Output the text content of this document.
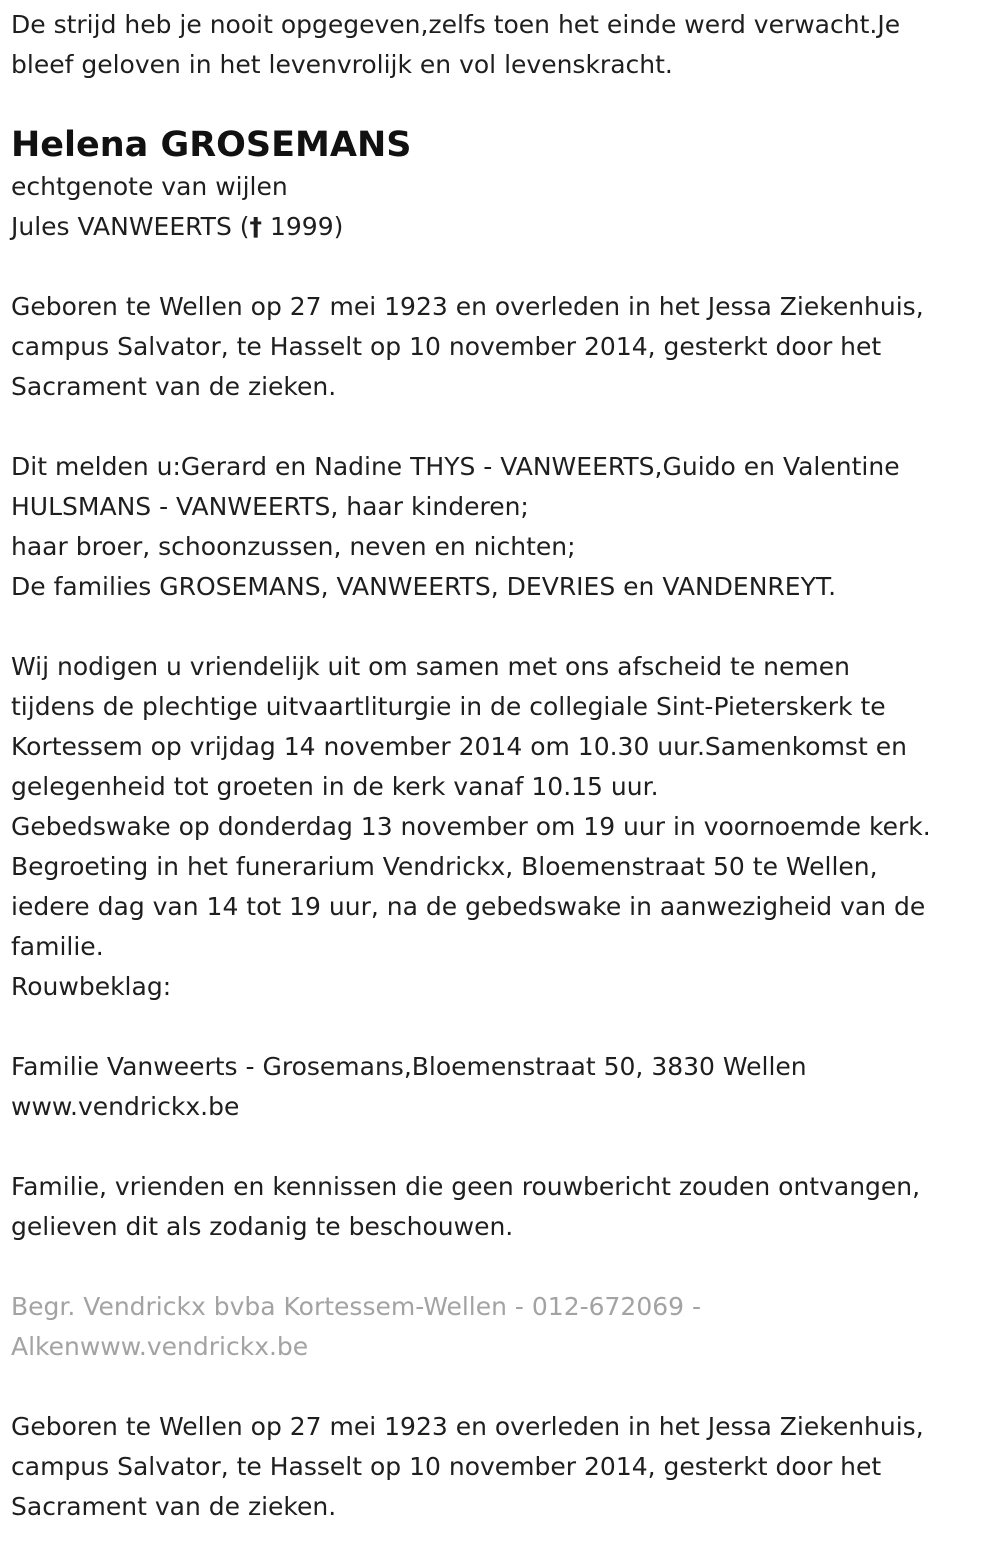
De strijd heb je nooit opgegeven,zelfs toen het einde werd verwacht.Je
bleef geloven in het levenvrolijk en vol levenskracht.

Helena GROSEMANS

echtgenote van wijlen
Jules VANWEERTS († 1999)

Geboren te Wellen op 27 mei 1923 en overleden in het Jessa Ziekenhuis,
campus Salvator, te Hasselt op 10 november 2014, gesterkt door het
Sacrament van de zieken.

Dit melden u:Gerard en Nadine THYS - VANWEERTS,Guido en Valentine
HULSMANS - VANWEERTS, haar kinderen;
haar broer, schoonzussen, neven en nichten;
De families GROSEMANS, VANWEERTS, DEVRIES en VANDENREYT.

Wij nodigen u vriendelijk uit om samen met ons afscheid te nemen
tijdens de plechtige uitvaartliturgie in de collegiale Sint-Pieterskerk te
Kortessem op vrijdag 14 november 2014 om 10.30 uur.Samenkomst en
gelegenheid tot groeten in de kerk vanaf 10.15 uur.
Gebedswake op donderdag 13 november om 19 uur in voornoemde kerk.
Begroeting in het funerarium Vendrickx, Bloemenstraat 50 te Wellen,
iedere dag van 14 tot 19 uur, na de gebedswake in aanwezigheid van de
familie.
Rouwbeklag:

Familie Vanweerts - Grosemans,Bloemenstraat 50, 3830 Wellen
www.vendrickx.be

Familie, vrienden en kennissen die geen rouwbericht zouden ontvangen,
gelieven dit als zodanig te beschouwen.

Begr. Vendrickx bvba Kortessem-Wellen - 012-672069 -
Alkenwww.vendrickx.be

Geboren te Wellen op 27 mei 1923 en overleden in het Jessa Ziekenhuis,
campus Salvator, te Hasselt op 10 november 2014, gesterkt door het
Sacrament van de zieken.
